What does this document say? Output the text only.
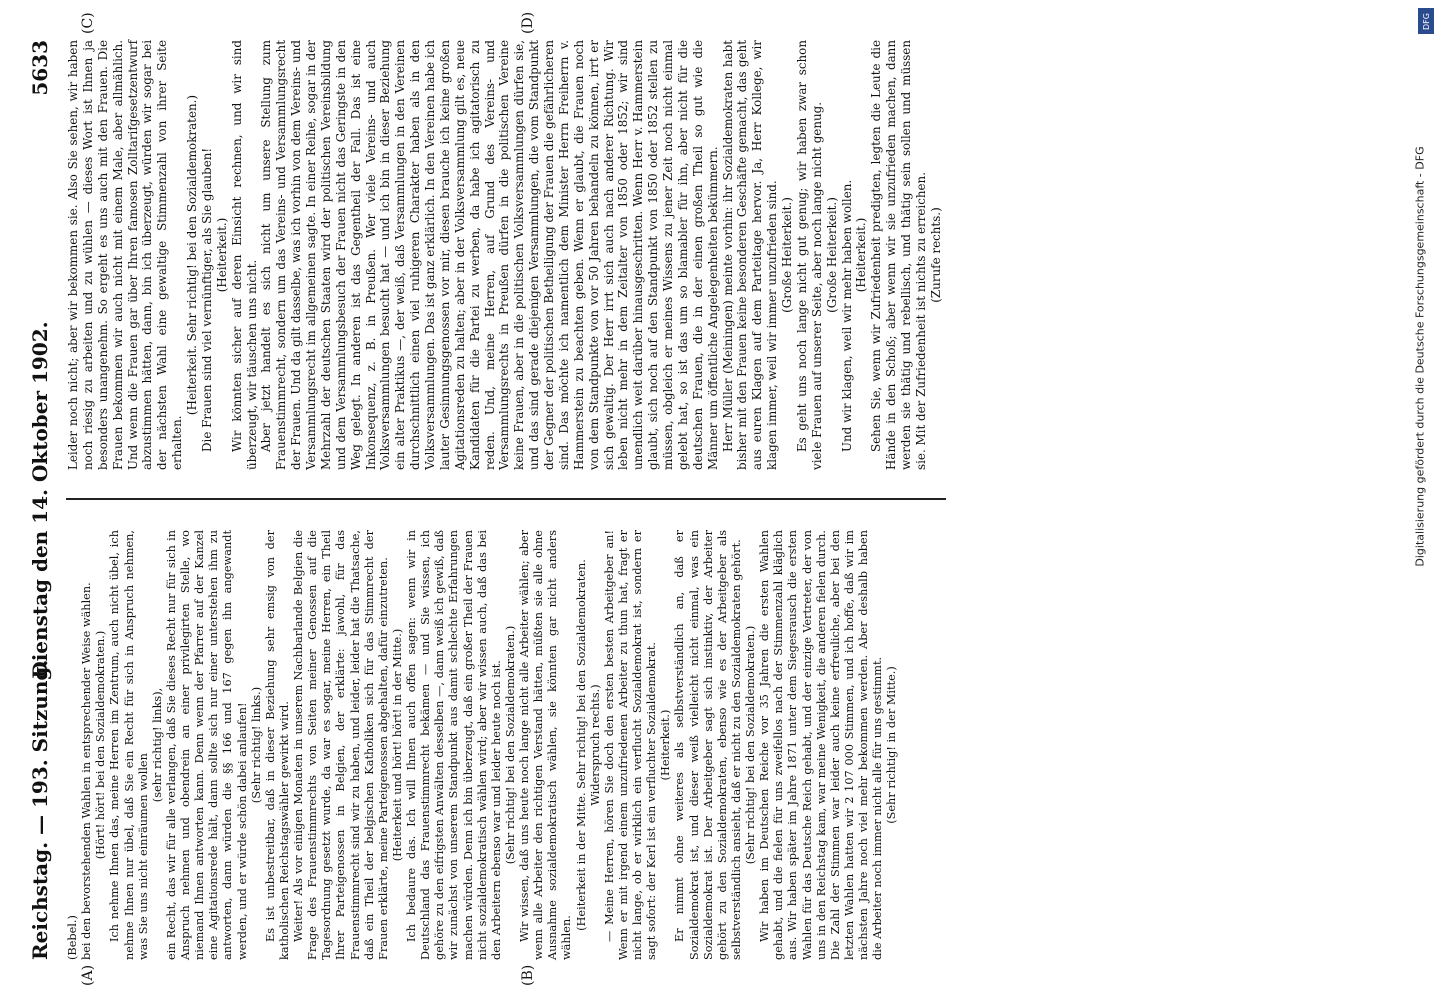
Reichstag. — 193. Sitzung.
Dienstag den 14. Oktober 1902.
5633
(A)	(B)
(C)	(D)

(Bebel.) bei den bevorstehenden Wahlen in entsprechender Weise wählen. (Hört! hört! bei den Sozialdemokraten.) Ich nehme Ihnen das, meine Herren im Zentrum, auch nicht übel, ich nehme Ihnen nur übel, daß Sie ein Recht für sich in Anspruch nehmen, was Sie uns nicht einräumen wollen

(sehr richtig! links), ein Recht, das wir für alle verlangen, daß Sie dieses Recht nur für sich in Anspruch nehmen und obendrein an einer privilegirten Stelle, wo niemand Ihnen antworten kann. Denn wenn der Pfarrer auf der Kanzel eine Agitationsrede hält, dann sollte sich nur einer unterstehen ihm zu antworten, dann würden die §§ 166 und 167 gegen ihn angewandt werden, und er würde schön dabei anlaufen! (Sehr richtig! links.) Es ist unbestreitbar, daß in dieser Beziehung sehr emsig von der katholischen Reichstagswähler gewirkt wird. Weiter! Als vor einigen Monaten in unserem Nachbarlande Belgien die Frage des Frauenstimmrechts von Seiten meiner Genossen auf die Tagesordnung gesetzt wurde, da war es sogar, meine Herren, ein Theil Ihrer Parteigenossen in Belgien, der erklärte: jawohl, für das Frauenstimmrecht sind wir zu haben, und leider, leider hat die Thatsache, daß ein Theil der belgischen Katholiken sich für das Stimmrecht der Frauen erklärte, meine Parteigenossen abgehalten, dafür einzutreten. (Heiterkeit und hört! hört! in der Mitte.) Ich bedaure das. Ich will Ihnen auch offen sagen: wenn wir in Deutschland das Frauenstimmrecht bekämen — und Sie wissen, ich gehöre zu den eifrigsten Anwälten desselben —, dann weiß ich gewiß, daß wir zunächst von unserem Standpunkt aus damit schlechte Erfahrungen machen würden. Denn ich bin überzeugt, daß ein großer Theil der Frauen nicht sozialdemokratisch wählen wird; aber wir wissen auch, daß das bei den Arbeitern ebenso war und leider heute noch ist. (Sehr richtig! bei den Sozialdemokraten.) Wir wissen, daß uns heute noch lange nicht alle Arbeiter wählen; aber wenn alle Arbeiter den richtigen Verstand hätten, müßten sie alle ohne Ausnahme sozialdemokratisch wählen, sie könnten gar nicht anders wählen.

(Heiterkeit in der Mitte. Sehr richtig! bei den Sozialdemokraten. Widerspruch rechts.) — Meine Herren, hören Sie doch den ersten besten Arbeitgeber an! Wenn er mit irgend einem unzufriedenen Arbeiter zu thun hat, fragt er nicht lange, ob er wirklich ein verflucht Sozialdemokrat ist, sondern er sagt sofort: der Kerl ist ein verfluchter Sozialdemokrat. (Heiterkeit.) Er nimmt ohne weiteres als selbstverständlich an, daß er Sozialdemokrat ist, und dieser weiß vielleicht nicht einmal, was ein Sozialdemokrat ist. Der Arbeitgeber sagt sich instinktiv, der Arbeiter gehört zu den Sozialdemokraten, ebenso wie es der Arbeitgeber als selbstverständlich ansieht, daß er nicht zu den Sozialdemokraten gehört. (Sehr richtig! bei den Sozialdemokraten.) Wir haben im Deutschen Reiche vor 35 Jahren die ersten Wahlen gehabt, und die fielen für uns zweifellos nach der Stimmenzahl kläglich aus. Wir haben später im Jahre 1871 unter dem Siegesrausch die ersten Wahlen für das Deutsche Reich gehabt, und der einzige Vertreter, der von uns in den Reichstag kam, war meine Wenigkeit, die anderen fielen durch. Die Zahl der Stimmen war leider auch keine erfreuliche, aber bei den letzten Wahlen hatten wir 2 107 000 Stimmen, und ich hoffe, daß wir im nächsten Jahre noch viel mehr bekommen werden. Aber deshalb haben die Arbeiter noch immer nicht alle für uns gestimmt. (Sehr richtig! in der Mitte.)

Leider noch nicht; aber wir bekommen sie. Also Sie sehen, wir haben noch riesig zu arbeiten und zu wühlen — dieses Wort ist Ihnen ja besonders unangenehm. So ergeht es uns auch mit den Frauen. Die Frauen bekommen wir auch nicht mit einem Male, aber allmählich. Und wenn die Frauen gar über Ihren famosen Zolltarifgesetzentwurf abzustimmen hätten, dann, bin ich überzeugt, würden wir sogar bei der nächsten Wahl eine gewaltige Stimmenzahl von ihrer Seite erhalten.

(Heiterkeit. Sehr richtig! bei den Sozialdemokraten.) Die Frauen sind viel vernünftiger, als Sie glauben! (Heiterkeit.) Wir könnten sicher auf deren Einsicht rechnen, und wir sind überzeugt, wir täuschen uns nicht. Aber jetzt handelt es sich nicht um unsere Stellung zum Frauenstimmrecht, sondern um das Vereins- und Versammlungsrecht der Frauen. Und da gilt dasselbe, was ich vorhin von dem Vereins- und Versammlungsrecht im allgemeinen sagte. In einer Reihe, sogar in der Mehrzahl der deutschen Staaten wird der politischen Vereinsbildung und dem Versammlungsbesuch der Frauen nicht das Geringste in den Weg gelegt. In anderen ist das Gegentheil der Fall. Das ist eine Inkonsequenz, z. B. in Preußen. Wer viele Vereins- und auch Volksversammlungen besucht hat — und ich bin in dieser Beziehung ein alter Praktikus —, der weiß, daß Versammlungen in den Vereinen durchschnittlich einen viel ruhigeren Charakter haben als in den Volksversammlungen. Das ist ganz erklärlich. In den Vereinen habe ich lauter Gesinnungsgenossen vor mir, diesen brauche ich keine großen Agitationsreden zu halten; aber in der Volksversammlung gilt es, neue Kandidaten für die Partei zu werben, da habe ich agitatorisch zu reden. Und, meine Herren, auf Grund des Vereins- und Versammlungsrechts in Preußen dürfen in die politischen Vereine keine Frauen, aber in die politischen Volksversammlungen dürfen sie, und das sind gerade diejenigen Versammlungen, die vom Standpunkt der Gegner der politischen Betheiligung der Frauen die gefährlicheren sind. Das möchte ich namentlich dem Minister Herrn Freiherrn v. Hammerstein zu beachten geben. Wenn er glaubt, die Frauen noch von dem Standpunkte von vor 50 Jahren behandeln zu können, irrt er sich gewaltig. Der Herr irrt sich auch nach anderer Richtung. Wir leben nicht mehr in dem Zeitalter von 1850 oder 1852; wir sind unendlich weit darüber hinausgeschritten. Wenn Herr v. Hammerstein glaubt, sich noch auf den Standpunkt von 1850 oder 1852 stellen zu müssen, obgleich er meines Wissens zu jener Zeit noch nicht einmal gelebt hat, so ist das um so blamabler für ihn, aber nicht für die deutschen Frauen, die in der einen großen Theil so gut wie die Männer um öffentliche Angelegenheiten bekümmern. Herr Müller (Meiningen) meinte vorhin: ihr Sozialdemokraten habt bisher mit den Frauen keine besonderen Geschäfte gemacht, das geht aus euren Klagen auf dem Parteitage hervor. Ja, Herr Kollege, wir klagen immer, weil wir immer unzufrieden sind. (Große Heiterkeit.) Es geht uns noch lange nicht gut genug; wir haben zwar schon viele Frauen auf unserer Seite, aber noch lange nicht genug. (Große Heiterkeit.) Und wir klagen, weil wir mehr haben wollen. (Heiterkeit.) Sehen Sie, wenn wir Zufriedenheit predigten, legten die Leute die Hände in den Schoß; aber wenn wir sie unzufrieden machen, dann werden sie thätig und rebellisch, und thätig sein sollen und müssen sie. Mit der Zufriedenheit ist nichts zu erreichen. (Zurufe rechts.)

DFG
Digitalisierung gefördert durch die Deutsche Forschungsgemeinschaft - DFG
